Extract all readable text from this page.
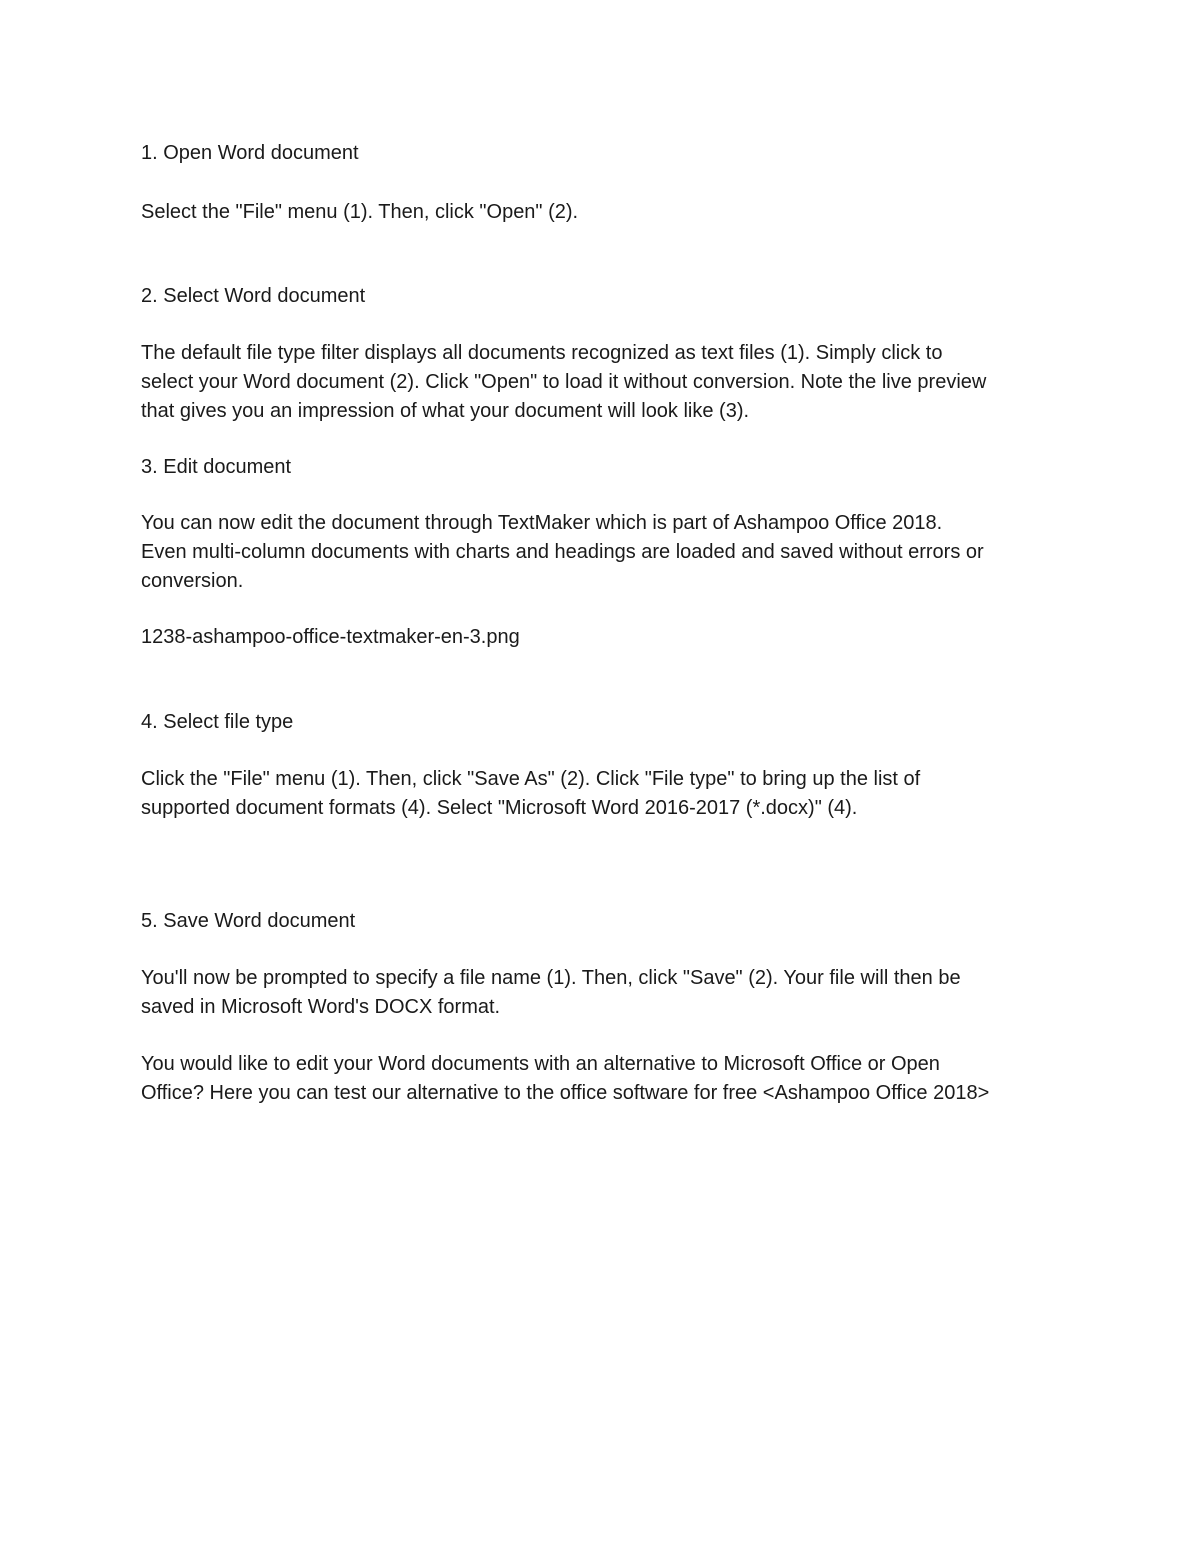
1. Open Word document
Select the "File" menu (1). Then, click "Open" (2).
2. Select Word document
The default file type filter displays all documents recognized as text files (1). Simply click to
select your Word document (2). Click "Open" to load it without conversion. Note the live preview
that gives you an impression of what your document will look like (3).
3. Edit document
You can now edit the document through TextMaker which is part of Ashampoo Office 2018.
Even multi-column documents with charts and headings are loaded and saved without errors or
conversion.
1238-ashampoo-office-textmaker-en-3.png
4. Select file type
Click the "File" menu (1). Then, click "Save As" (2). Click "File type" to bring up the list of
supported document formats (4). Select "Microsoft Word 2016-2017 (*.docx)" (4).
5. Save Word document
You'll now be prompted to specify a file name (1). Then, click "Save" (2). Your file will then be
saved in Microsoft Word's DOCX format.
You would like to edit your Word documents with an alternative to Microsoft Office or Open
Office? Here you can test our alternative to the office software for free <Ashampoo Office 2018>
